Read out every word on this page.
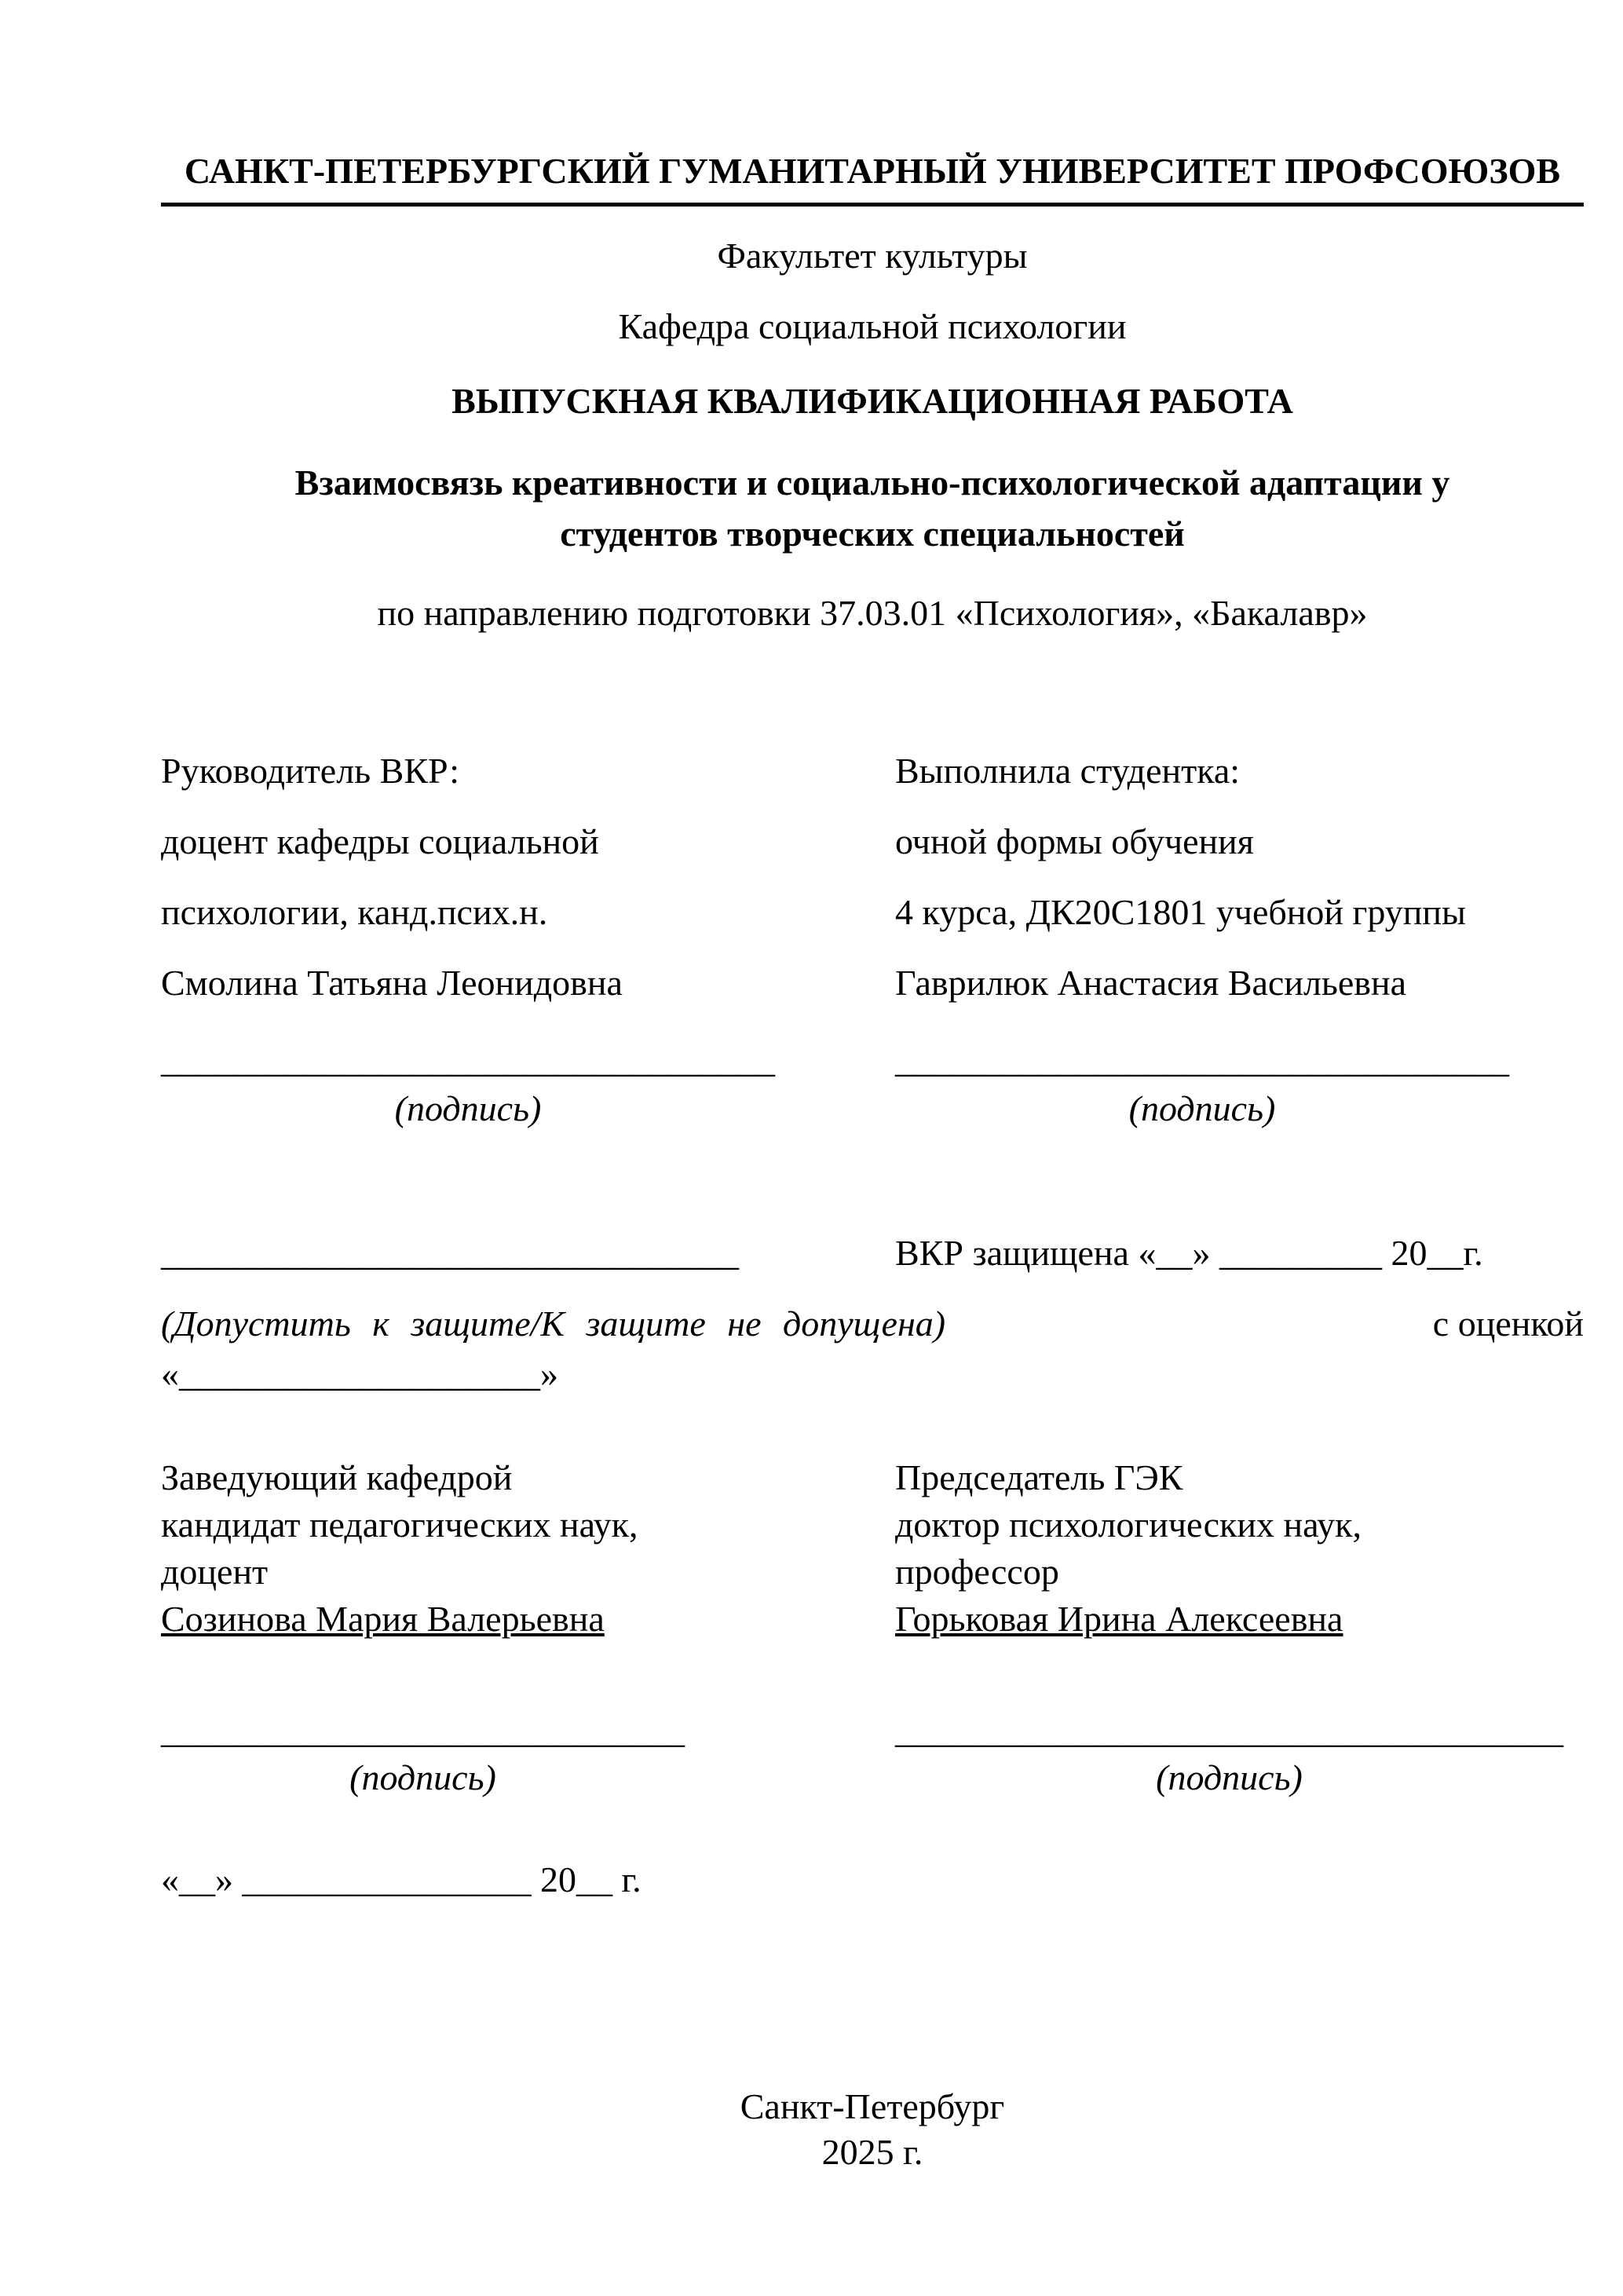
САНКТ-ПЕТЕРБУРГСКИЙ ГУМАНИТАРНЫЙ УНИВЕРСИТЕТ ПРОФСОЮЗОВ
Факультет культуры
Кафедра социальной психологии
ВЫПУСКНАЯ КВАЛИФИКАЦИОННАЯ РАБОТА
Взаимосвязь креативности и социально-психологической адаптации у
студентов творческих специальностей
по направлению подготовки 37.03.01 «Психология», «Бакалавр»
Руководитель ВКР:
доцент кафедры социальной
психологии, канд.псих.н.
Смолина Татьяна Леонидовна
Выполнила студентка:
очной формы обучения
4 курса, ДК20С1801 учебной группы
Гаврилюк Анастасия Васильевна
__________________________________
(подпись)
__________________________________
(подпись)
________________________________	ВКР защищена «__» _________ 20__г.
(Допустить к защите/К защите не допущена)	с оценкой
«____________________»
Заведующий кафедрой
кандидат педагогических наук,
доцент
Созинова Мария Валерьевна
Председатель ГЭК
доктор психологических наук,
профессор
Горьковая Ирина Алексеевна
_____________________________
(подпись)
_____________________________________
(подпись)
«__» ________________ 20__ г.
Санкт-Петербург
2025 г.
